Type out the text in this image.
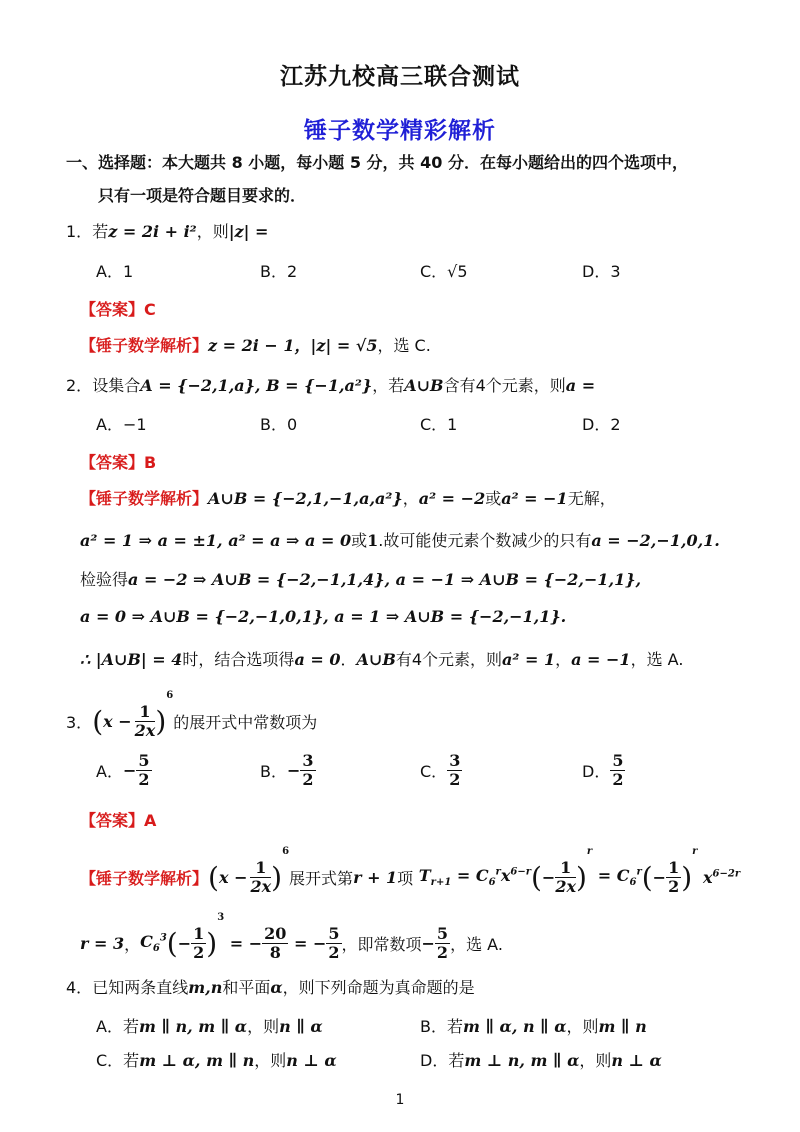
江苏九校高三联合测试
锤子数学精彩解析
一、选择题：本大题共 8 小题，每小题 5 分，共 40 分．在每小题给出的四个选项中，
只有一项是符合题目要求的．
1．若z = 2i + i²，则|z| =
A．1	B．2	C．√5	D．3
【答案】C
【锤子数学解析】z = 2i − 1，|z| = √5，选 C.
2．设集合A = {−2,1,a}, B = {−1,a²}，若A∪B含有4个元素，则a =
A．−1	B．0	C．1	D．2
【答案】B
【锤子数学解析】A∪B = {−2,1,−1,a,a²}，a² = −2或a² = −1无解，
a² = 1 ⇒ a = ±1, a² = a ⇒ a = 0或1.故可能使元素个数减少的只有a = −2,−1,0,1.
检验得a = −2 ⇒ A∪B = {−2,−1,1,4}, a = −1 ⇒ A∪B = {−2,−1,1},
a = 0 ⇒ A∪B = {−2,−1,0,1}, a = 1 ⇒ A∪B = {−2,−1,1}.
∴ |A∪B| = 4时，结合选项得a = 0．A∪B有4个元素，则a² = 1，a = −1，选 A.
3．$(x - \frac{1}{2x} )^6$的展开式中常数项为
A．− $\frac{5}{2}$	B．− $\frac{3}{2}$	C． $\frac{3}{2}$	D． $\frac{5}{2}$
【答案】A
【锤子数学解析】$(x - \frac{1}{2x} )^6$展开式第r + 1项 $T_{r+1} = C_6^rx^{6-r}(- \frac{1}{2x} )^r = C_6^r(- \frac{1}{2} )^r$ $x^{6-2r}$
r = 3，$C_6^3(- \frac{1}{2} )^3$ = − $\frac{20}{8}$ = − $\frac{5}{2}$ ，即常数项− $\frac{5}{2}$ ，选 A.
4．已知两条直线m,n和平面α，则下列命题为真命题的是
A．若m ∥ n, m ∥ α，则n ∥ α	B．若m ∥ α, n ∥ α，则m ∥ n
C．若m ⊥ α, m ∥ n，则n ⊥ α	D．若m ⊥ n, m ∥ α，则n ⊥ α
1
